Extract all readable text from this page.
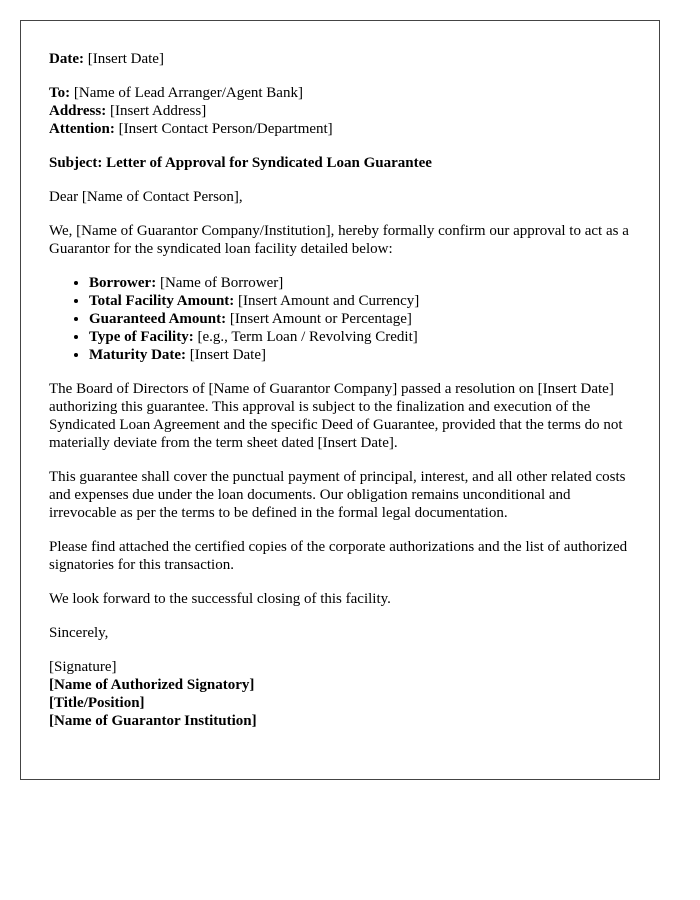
Date: [Insert Date]
To: [Name of Lead Arranger/Agent Bank]
Address: [Insert Address]
Attention: [Insert Contact Person/Department]

Subject: Letter of Approval for Syndicated Loan Guarantee

Dear [Name of Contact Person],

We, [Name of Guarantor Company/Institution], hereby formally confirm our approval to act as a Guarantor for the syndicated loan facility detailed below:

• Borrower: [Name of Borrower]
• Total Facility Amount: [Insert Amount and Currency]
• Guaranteed Amount: [Insert Amount or Percentage]
• Type of Facility: [e.g., Term Loan / Revolving Credit]
• Maturity Date: [Insert Date]

The Board of Directors of [Name of Guarantor Company] passed a resolution on [Insert Date] authorizing this guarantee. This approval is subject to the finalization and execution of the Syndicated Loan Agreement and the specific Deed of Guarantee, provided that the terms do not materially deviate from the term sheet dated [Insert Date].

This guarantee shall cover the punctual payment of principal, interest, and all other related costs and expenses due under the loan documents. Our obligation remains unconditional and irrevocable as per the terms to be defined in the formal legal documentation.

Please find attached the certified copies of the corporate authorizations and the list of authorized signatories for this transaction.

We look forward to the successful closing of this facility.

Sincerely,

[Signature]
[Name of Authorized Signatory]
[Title/Position]
[Name of Guarantor Institution]
